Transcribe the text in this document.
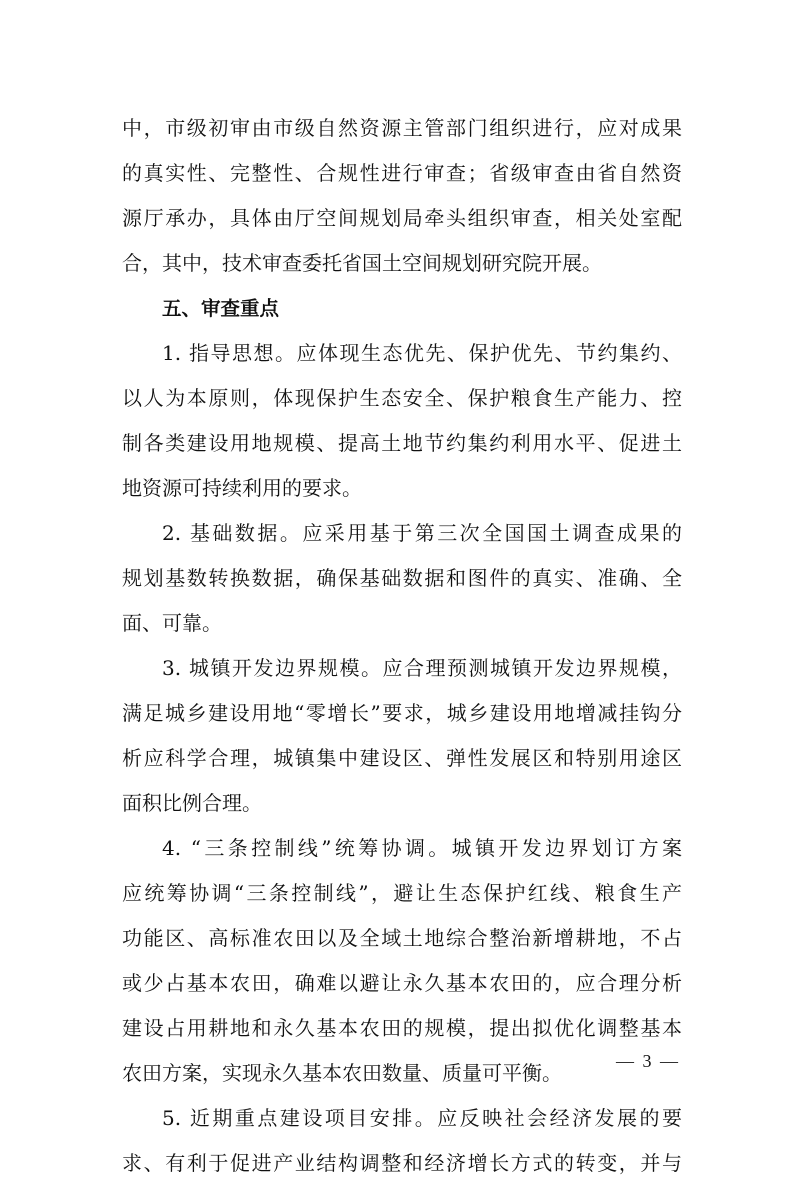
中，市级初审由市级自然资源主管部门组织进行，应对成果
的真实性、完整性、合规性进行审查；省级审查由省自然资
源厅承办，具体由厅空间规划局牵头组织审查，相关处室配
合，其中，技术审查委托省国土空间规划研究院开展。
五、审查重点
1. 指导思想。应体现生态优先、保护优先、节约集约、
以人为本原则，体现保护生态安全、保护粮食生产能力、控
制各类建设用地规模、提高土地节约集约利用水平、促进土
地资源可持续利用的要求。
2. 基础数据。应采用基于第三次全国国土调查成果的
规划基数转换数据，确保基础数据和图件的真实、准确、全
面、可靠。
3. 城镇开发边界规模。应合理预测城镇开发边界规模，
满足城乡建设用地“零增长”要求，城乡建设用地增减挂钩分
析应科学合理，城镇集中建设区、弹性发展区和特别用途区
面积比例合理。
4. “三条控制线”统筹协调。城镇开发边界划订方案
应统筹协调“三条控制线”，避让生态保护红线、粮食生产
功能区、高标准农田以及全域土地综合整治新增耕地，不占
或少占基本农田，确难以避让永久基本农田的，应合理分析
建设占用耕地和永久基本农田的规模，提出拟优化调整基本
农田方案，实现永久基本农田数量、质量可平衡。
5. 近期重点建设项目安排。应反映社会经济发展的要
求、有利于促进产业结构调整和经济增长方式的转变，并与
— 3 —
